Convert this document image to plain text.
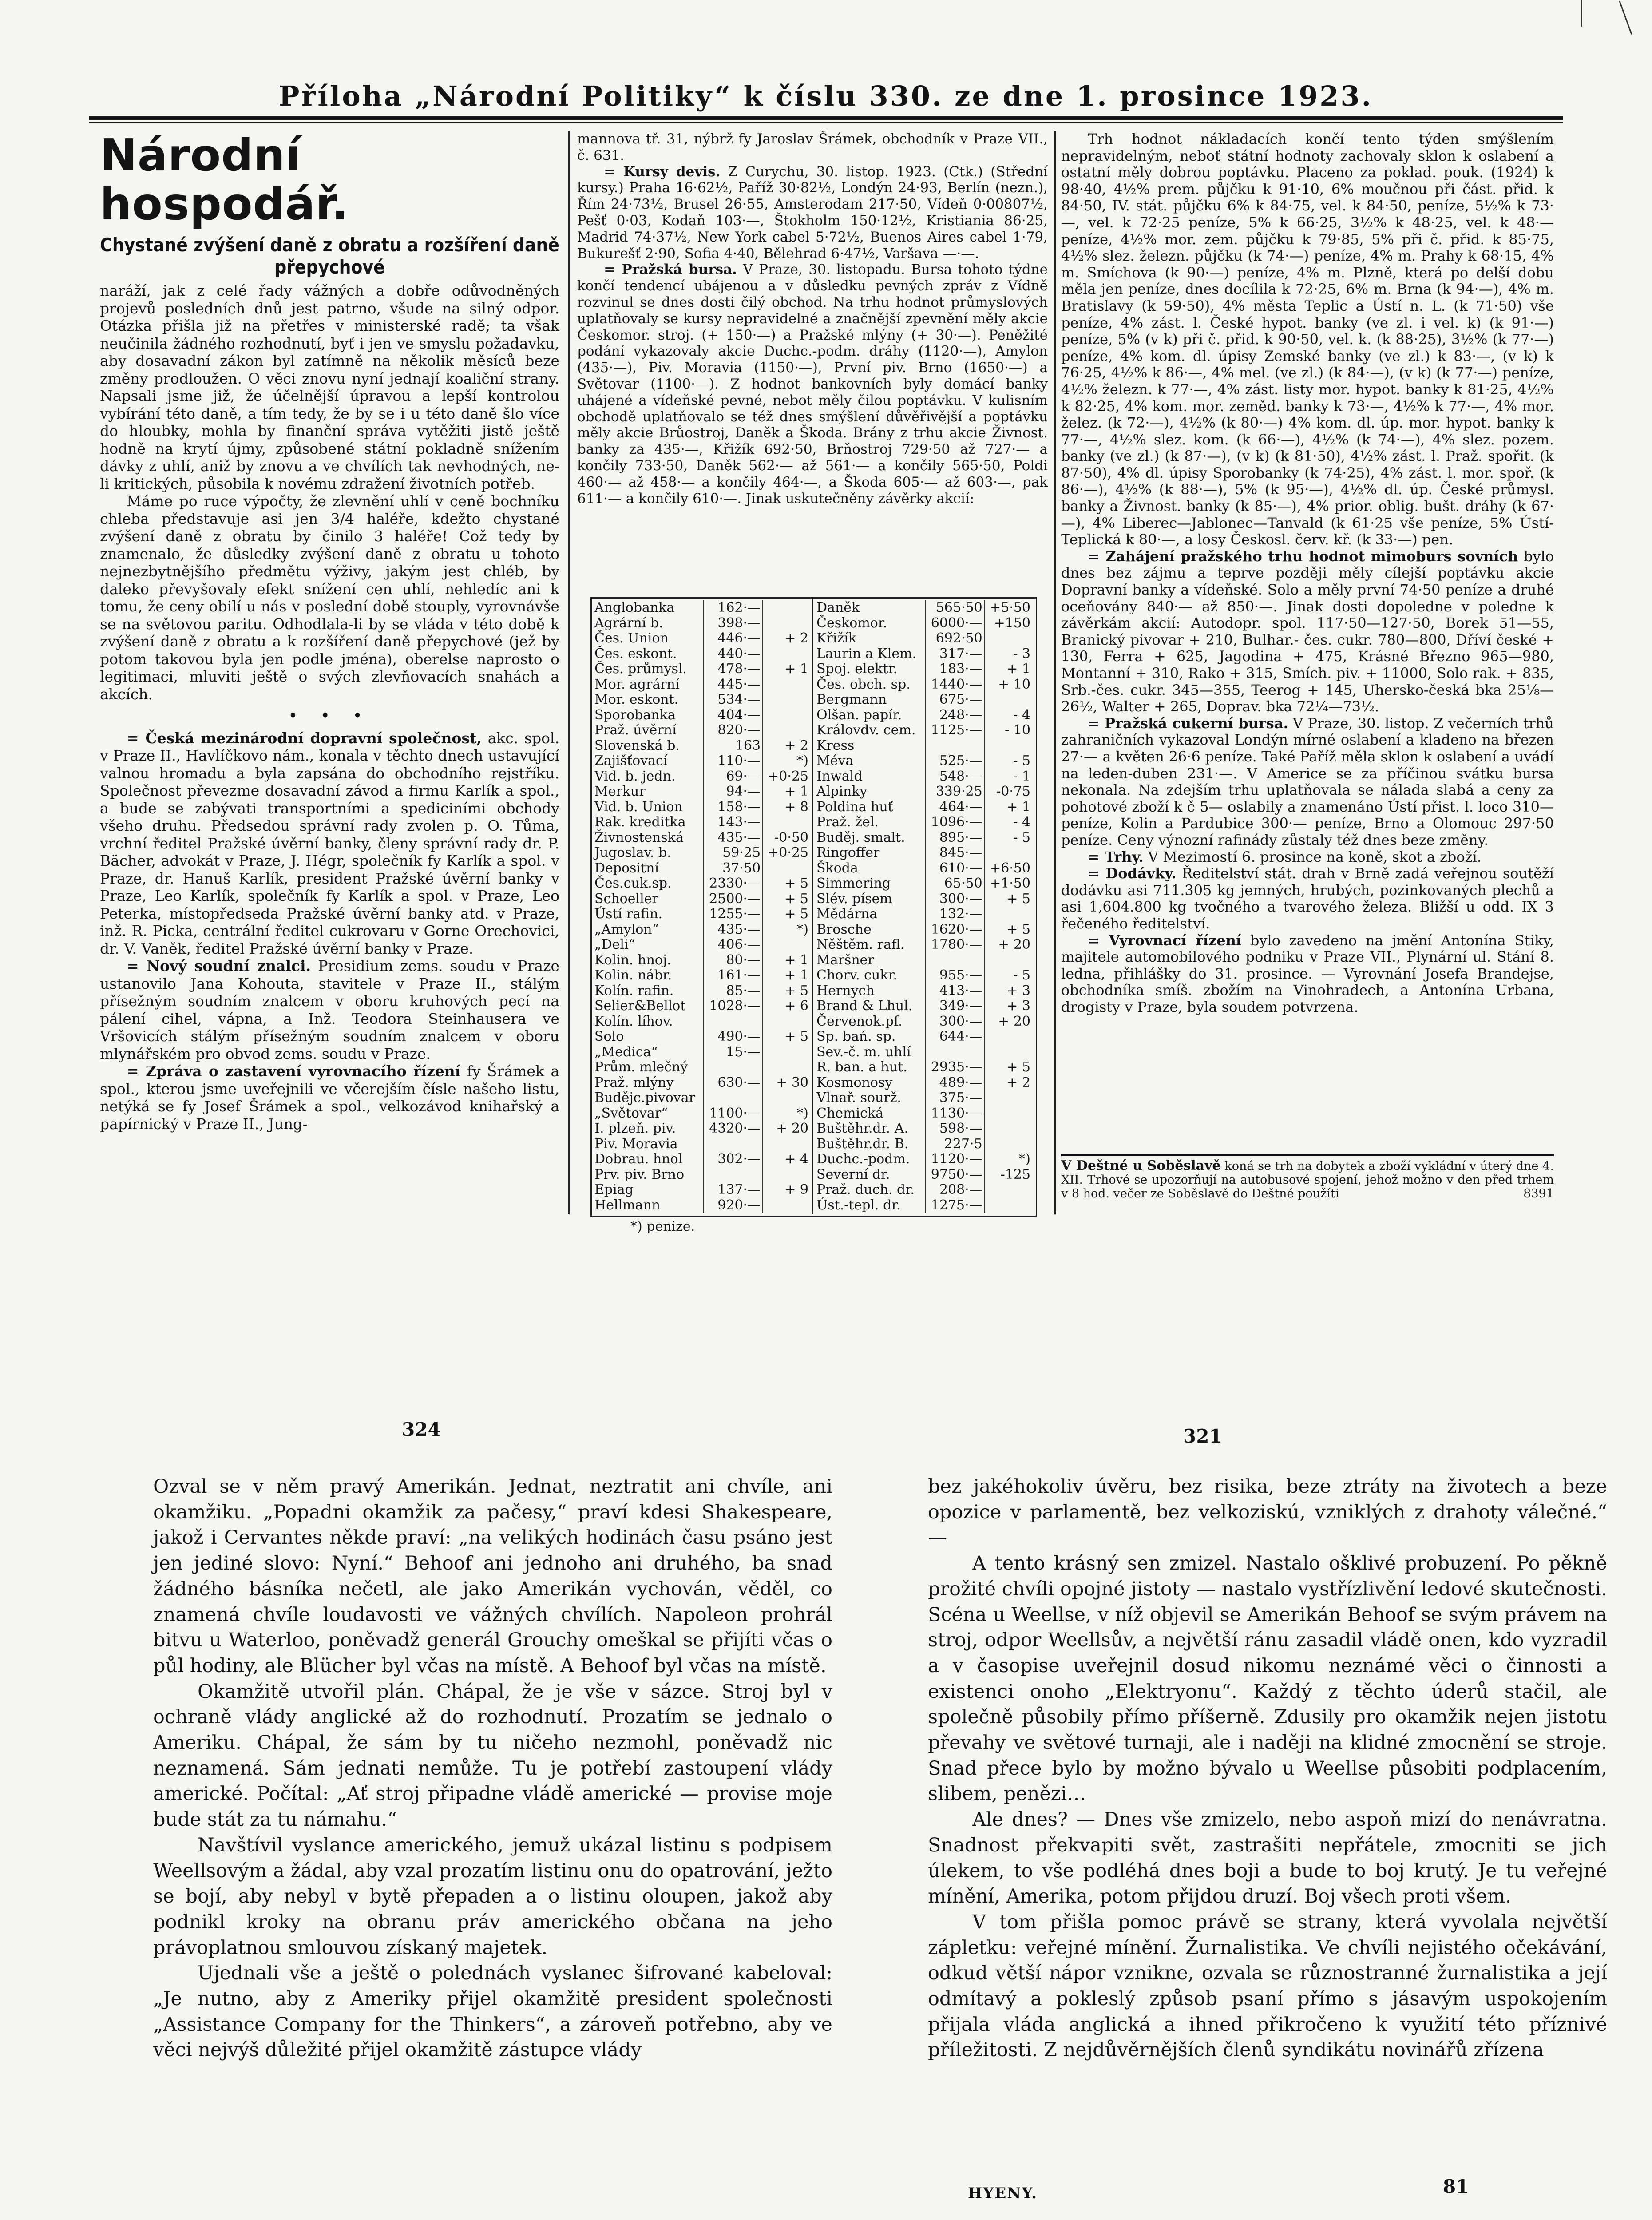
Příloha „Národní Politiky“ k číslu 330. ze dne 1. prosince 1923.
Národní hospodář.
Chystané zvýšení daně z obratu a rozšíření daně přepychové

naráží, jak z celé řady vážných a dobře odůvodněných projevů posledních dnů jest patrno, všude na silný odpor. Otázka přišla již na přetřes v ministerské radě; ta však neučinila žádného rozhodnutí, byť i jen ve smyslu požadavku, aby dosavadní zákon byl zatímně na několik měsíců beze změny prodloužen. O věci znovu nyní jednají koaliční strany. Napsali jsme již, že účelnější úpravou a lepší kontrolou vybírání této daně, a tím tedy, že by se i u této daně šlo více do hloubky, mohla by finanční správa vytěžiti jistě ještě hodně na krytí újmy, způsobené státní pokladně snížením dávky z uhlí, aniž by znovu a ve chvílích tak nevhodných, ne-li kritických, působila k novému zdražení životních potřeb.

Máme po ruce výpočty, že zlevnění uhlí v ceně bochníku chleba představuje asi jen 3/4 haléře, kdežto chystané zvýšení daně z obratu by činilo 3 haléře! Což tedy by znamenalo, že důsledky zvýšení daně z obratu u tohoto nejnezbytnějšího předmětu výživy, jakým jest chléb, by daleko převyšovaly efekt snížení cen uhlí, nehledíc ani k tomu, že ceny obilí u nás v poslední době stouply, vyrovnávše se na světovou paritu. Odhodlala-li by se vláda v této době k zvýšení daně z obratu a k rozšíření daně přepychové (jež by potom takovou byla jen podle jména), oberelse naprosto o legitimaci, mluviti ještě o svých zlevňovacích snahách a akcích.

• • •

= Česká mezinárodní dopravní společnost, akc. spol. v Praze II., Havlíčkovo nám., konala v těchto dnech ustavující valnou hromadu a byla zapsána do obchodního rejstříku. Společnost převezme dosavadní závod a firmu Karlík a spol., a bude se zabývati transportními a spediciními obchody všeho druhu. Předsedou správní rady zvolen p. O. Tůma, vrchní ředitel Pražské úvěrní banky, členy správní rady dr. P. Bächer, advokát v Praze, J. Hégr, společník fy Karlík a spol. v Praze, dr. Hanuš Karlík, president Pražské úvěrní banky v Praze, Leo Karlík, společník fy Karlík a spol. v Praze, Leo Peterka, místopředseda Pražské úvěrní banky atd. v Praze, inž. R. Picka, centrální ředitel cukrovaru v Gorne Orechovici, dr. V. Vaněk, ředitel Pražské úvěrní banky v Praze.

= Nový soudní znalci. Presidium zems. soudu v Praze ustanovilo Jana Kohouta, stavitele v Praze II., stálým přísežným soudním znalcem v oboru kruhových pecí na pálení cihel, vápna, a Inž. Teodora Steinhausera ve Vršovicích stálým přísežným soudním znalcem v oboru mlynářském pro obvod zems. soudu v Praze.

= Zpráva o zastavení vyrovnacího řízení fy Šrámek a spol., kterou jsme uveřejnili ve včerejším čísle našeho listu, netýká se fy Josef Šrámek a spol., velkozávod knihařský a papírnický v Praze II., Jung-

mannova tř. 31, nýbrž fy Jaroslav Šrámek, obchodník v Praze VII., č. 631.

= Kursy devis. Z Curychu, 30. listop. 1923. (Ctk.) (Střední kursy.) Praha 16·62½, Paříž 30·82½, Londýn 24·93, Berlín (nezn.), Řím 24·73½, Brusel 26·55, Amsterodam 217·50, Vídeň 0·00807½, Pešť 0·03, Kodaň 103·—, Štokholm 150·12½, Kristiania 86·25, Madrid 74·37½, New York cabel 5·72½, Buenos Aires cabel 1·79, Bukurešť 2·90, Sofia 4·40, Bělehrad 6·47½, Varšava —·—.

= Pražská bursa. V Praze, 30. listopadu. Bursa tohoto týdne končí tendencí ubájenou a v důsledku pevných zpráv z Vídně rozvinul se dnes dosti čilý obchod. Na trhu hodnot průmyslových uplatňovaly se kursy nepravidelné a značnější zpevnění měly akcie Českomor. stroj. (+ 150·—) a Pražské mlýny (+ 30·—). Peněžité podání vykazovaly akcie Duchc.-podm. dráhy (1120·—), Amylon (435·—), Piv. Moravia (1150·—), První piv. Brno (1650·—) a Světovar (1100·—). Z hodnot bankovních byly domácí banky uhájené a vídeňské pevné, nebot měly čilou poptávku. V kulisním obchodě uplatňovalo se též dnes smýšlení důvěřivější a poptávku měly akcie Brůostroj, Daněk a Škoda. Brány z trhu akcie Živnost. banky za 435·—, Křižík 692·50, Brňostroj 729·50 až 727·— a končily 733·50, Daněk 562·— až 561·— a končily 565·50, Poldi 460·— až 458·— a končily 464·—, a Škoda 605·— až 603·—, pak 611·— a končily 610·—. Jinak uskutečněny závěrky akcií:

Anglobanka	162·—	
Agrární b.	398·—	
Čes. Union	446·—	+ 2
Čes. eskont.	440·—	
Čes. průmysl.	478·—	+ 1
Mor. agrární	445·—	
Mor. eskont.	534·—	
Sporobanka	404·—	
Praž. úvěrní	820·—	
Slovenská b.	163	+ 2
Zajišťovací	110·—	*)
Vid. b. jedn.	69·—	+0·25
Merkur	94·—	+ 1
Vid. b. Union	158·—	+ 8
Rak. kreditka	143·—	
Živnostenská	435·—	-0·50
Jugoslav. b.	59·25	+0·25
Depositní	37·50	
Čes.cuk.sp.	2330·—	+ 5
Schoeller	2500·—	+ 5
Ústí rafin.	1255·—	+ 5
„Amylon“	435·—	*)
„Deli“	406·—	
Kolin. hnoj.	80·—	+ 1
Kolin. nábr.	161·—	+ 1
Kolín. rafin.	85·—	+ 5
Selier&Bellot	1028·—	+ 6
Kolín. líhov.		
Solo	490·—	+ 5
„Medica“	15·—	
Prům. mlečný		
Praž. mlýny	630·—	+ 30
Budějc.pivovar		
„Světovar“	1100·—	*)
I. plzeň. piv.	4320·—	+ 20
Piv. Moravia		
Dobrau. hnol	302·—	+ 4
Prv. piv. Brno		
Epiag	137·—	+ 9
Hellmann	920·—	
Daněk	565·50	+5·50
Českomor.	6000·—	+150
Křižík	692·50	
Laurin a Klem.	317·—	- 3
Spoj. elektr.	183·—	+ 1
Čes. obch. sp.	1440·—	+ 10
Bergmann	675·—	
Olšan. papír.	248·—	- 4
Královdv. cem.	1125·—	- 10
Kress		
Méva	525·—	- 5
Inwald	548·—	- 1
Alpinky	339·25	-0·75
Poldina huť	464·—	+ 1
Praž. žel.	1096·—	- 4
Buděj. smalt.	895·—	- 5
Ringoffer	845·—	
Škoda	610·—	+6·50
Simmering	65·50	+1·50
Slév. písem	300·—	+ 5
Mědárna	132·—	
Brosche	1620·—	+ 5
Něštěm. rafl.	1780·—	+ 20
Maršner		
Chorv. cukr.	955·—	- 5
Hernych	413·—	+ 3
Brand & Lhul.	349·—	+ 3
Červenok.pf.	300·—	+ 20
Sp. bań. sp.	644·—	
Sev.-č. m. uhlí		
R. ban. a hut.	2935·—	+ 5
Kosmonosy	489·—	+ 2
Vlnař. sourž.	375·—	
Chemická	1130·—	
Buštěhr.dr. A.	598·—	
Buštěhr.dr. B.	227·5	
Duchc.-podm.	1120·—	*)
Severní dr.	9750·—	-125
Praž. duch. dr.	208·—	
Úst.-tepl. dr.	1275·—	
*) penize.

Trh hodnot nákladacích končí tento týden smýšlením nepravidelným, neboť státní hodnoty zachovaly sklon k oslabení a ostatní měly dobrou poptávku. Placeno za poklad. pouk. (1924) k 98·40, 4½% prem. půjčku k 91·10, 6% moučnou při část. přid. k 84·50, IV. stát. půjčku 6% k 84·75, vel. k 84·50, peníze, 5½% k 73·—, vel. k 72·25 peníze, 5% k 66·25, 3½% k 48·25, vel. k 48·— peníze, 4½% mor. zem. půjčku k 79·85, 5% při č. přid. k 85·75, 4½% slez. železn. půjčku (k 74·—) peníze, 4% m. Prahy k 68·15, 4% m. Smíchova (k 90·—) peníze, 4% m. Plzně, která po delší dobu měla jen peníze, dnes docílila k 72·25, 6% m. Brna (k 94·—), 4% m. Bratislavy (k 59·50), 4% města Teplic a Ústí n. L. (k 71·50) vše peníze, 4% zást. l. České hypot. banky (ve zl. i vel. k) (k 91·—) peníze, 5% (v k) při č. přid. k 90·50, vel. k. (k 88·25), 3½% (k 77·—) peníze, 4% kom. dl. úpisy Zemské banky (ve zl.) k 83·—, (v k) k 76·25, 4½% k 86·—, 4% mel. (ve zl.) (k 84·—), (v k) (k 77·—) peníze, 4½% železn. k 77·—, 4% zást. listy mor. hypot. banky k 81·25, 4½% k 82·25, 4% kom. mor. zeměd. banky k 73·—, 4½% k 77·—, 4% mor. želez. (k 72·—), 4½% (k 80·—) 4% kom. dl. úp. mor. hypot. banky k 77·—, 4½% slez. kom. (k 66·—), 4½% (k 74·—), 4% slez. pozem. banky (ve zl.) (k 87·—), (v k) (k 81·50), 4½% zást. l. Praž. spořit. (k 87·50), 4% dl. úpisy Sporobanky (k 74·25), 4% zást. l. mor. spoř. (k 86·—), 4½% (k 88·—), 5% (k 95·—), 4½% dl. úp. České průmysl. banky a Živnost. banky (k 85·—), 4% prior. oblig. bušt. dráhy (k 67·—), 4% Liberec—Jablonec—Tanvald (k 61·25 vše peníze, 5% Ústí-Teplická k 80·—, a losy Českosl. červ. kř. (k 33·—) pen.

= Zahájení pražského trhu hodnot mimoburs sovních bylo dnes bez zájmu a teprve později měly cílejší poptávku akcie Dopravní banky a vídeňské. Solo a měly první 74·50 peníze a druhé oceňovány 840·— až 850·—. Jinak dosti dopoledne v poledne k závěrkám akcií: Autodopr. spol. 117·50—127·50, Borek 51—55, Branický pivovar + 210, Bulhar.- čes. cukr. 780—800, Dříví české + 130, Ferra + 625, Jagodina + 475, Krásné Březno 965—980, Montanní + 310, Rako + 315, Smích. piv. + 11000, Solo rak. + 835, Srb.-čes. cukr. 345—355, Teerog + 145, Uhersko-česká bka 25⅛—26½, Walter + 265, Doprav. bka 72¼—73½.

= Pražská cukerní bursa. V Praze, 30. listop. Z večerních trhů zahraničních vykazoval Londýn mírné oslabení a kladeno na březen 27·— a květen 26·6 peníze. Také Paříž měla sklon k oslabení a uvádí na leden-duben 231·—. V Americe se za příčinou svátku bursa nekonala. Na zdejším trhu uplatňovala se nálada slabá a ceny za pohotové zboží k č 5— oslabily a znamenáno Ústí přist. l. loco 310—peníze, Kolin a Pardubice 300·— peníze, Brno a Olomouc 297·50 peníze. Ceny výnozní rafinády zůstaly též dnes beze změny.

= Trhy. V Mezimostí 6. prosince na koně, skot a zboží.

= Dodávky. Ředitelství stát. drah v Brně zadá veřejnou soutěží dodávku asi 711.305 kg jemných, hrubých, pozinkovaných plechů a asi 1,604.800 kg tvočného a tvarového železa. Bližší u odd. IX 3 řečeného ředitelství.

= Vyrovnací řízení bylo zavedeno na jmění Antonína Stiky, majitele automobilového podniku v Praze VII., Plynární ul. Stání 8. ledna, přihlášky do 31. prosince. — Vyrovnání Josefa Brandejse, obchodníka smíš. zbožím na Vinohradech, a Antonína Urbana, drogisty v Praze, byla soudem potvrzena.

V Deštné u Soběslavě koná se trh na dobytek a zboží vykládní v úterý dne 4. XII. Trhové se upozorňují na autobusové spojení, jehož možno v den před trhem v 8 hod. večer ze Soběslavě do Deštné použíti	8391
324	321

Ozval se v něm pravý Amerikán. Jednat, neztratit ani chvíle, ani okamžiku. „Popadni okamžik za pačesy,“ praví kdesi Shakespeare, jakož i Cervantes někde praví: „na velikých hodinách času psáno jest jen jediné slovo: Nyní.“ Behoof ani jednoho ani druhého, ba snad žádného básníka nečetl, ale jako Amerikán vychován, věděl, co znamená chvíle loudavosti ve vážných chvílích. Napoleon prohrál bitvu u Waterloo, poněvadž generál Grouchy omeškal se přijíti včas o půl hodiny, ale Blücher byl včas na místě. A Behoof byl včas na místě.

Okamžitě utvořil plán. Chápal, že je vše v sázce. Stroj byl v ochraně vlády anglické až do rozhodnutí. Prozatím se jednalo o Ameriku. Chápal, že sám by tu ničeho nezmohl, poněvadž nic neznamená. Sám jednati nemůže. Tu je potřebí zastoupení vlády americké. Počítal: „Ať stroj připadne vládě americké — provise moje bude stát za tu námahu.“

Navštívil vyslance amerického, jemuž ukázal listinu s podpisem Weellsovým a žádal, aby vzal prozatím listinu onu do opatrování, ježto se bojí, aby nebyl v bytě přepaden a o listinu oloupen, jakož aby podnikl kroky na obranu práv amerického občana na jeho právoplatnou smlouvou získaný majetek.

Ujednali vše a ještě o polednách vyslanec šifrované kabeloval: „Je nutno, aby z Ameriky přijel okamžitě president společnosti „Assistance Company for the Thinkers“, a zároveň potřebno, aby ve věci nejvýš důležité přijel okamžitě zástupce vlády

bez jakéhokoliv úvěru, bez risika, beze ztráty na životech a beze opozice v parlamentě, bez velkoziskú, vzniklých z drahoty válečné.“ —

A tento krásný sen zmizel. Nastalo ošklivé probuzení. Po pěkně prožité chvíli opojné jistoty — nastalo vystřízlivění ledové skutečnosti. Scéna u Weellse, v níž objevil se Amerikán Behoof se svým právem na stroj, odpor Weellsův, a největší ránu zasadil vládě onen, kdo vyzradil a v časopise uveřejnil dosud nikomu neznámé věci o činnosti a existenci onoho „Elektryonu“. Každý z těchto úderů stačil, ale společně působily přímo příšerně. Zdusily pro okamžik nejen jistotu převahy ve světové turnaji, ale i naději na klidné zmocnění se stroje. Snad přece bylo by možno bývalo u Weellse působiti podplacením, slibem, penězi…

Ale dnes? — Dnes vše zmizelo, nebo aspoň mizí do nenávratna. Snadnost překvapiti svět, zastrašiti nepřátele, zmocniti se jich úlekem, to vše podléhá dnes boji a bude to boj krutý. Je tu veřejné mínění, Amerika, potom přijdou druzí. Boj všech proti všem.

V tom přišla pomoc právě se strany, která vyvolala největší zápletku: veřejné mínění. Žurnalistika. Ve chvíli nejistého očekávání, odkud větší nápor vznikne, ozvala se různostranné žurnalistika a její odmítavý a pokleslý způsob psaní přímo s jásavým uspokojením přijala vláda anglická a ihned přikročeno k využití této příznivé příležitosti. Z nejdůvěrnějších členů syndikátu novinářů zřízena

HYENY.	81
